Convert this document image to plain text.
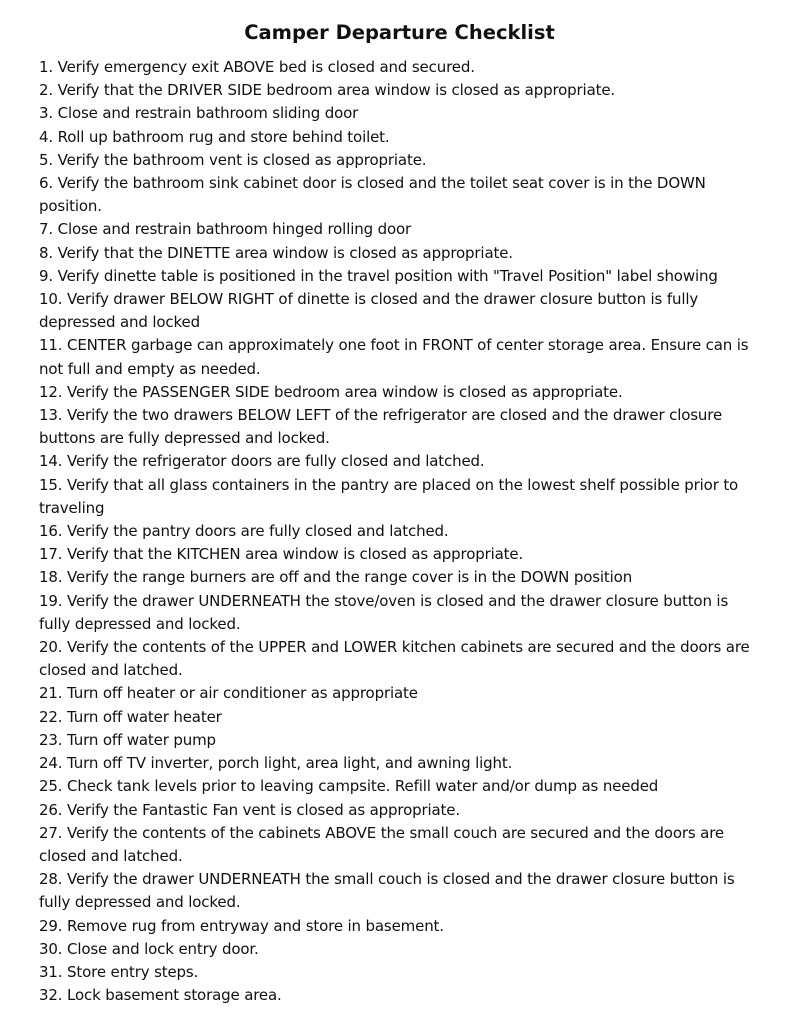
Camper Departure Checklist
1. Verify emergency exit ABOVE bed is closed and secured.
2. Verify that the DRIVER SIDE bedroom area window is closed as appropriate.
3. Close and restrain bathroom sliding door
4. Roll up bathroom rug and store behind toilet.
5. Verify the bathroom vent is closed as appropriate.
6. Verify the bathroom sink cabinet door is closed and the toilet seat cover is in the DOWN position.
7. Close and restrain bathroom hinged rolling door
8. Verify that the DINETTE area window is closed as appropriate.
9. Verify dinette table is positioned in the travel position with "Travel Position" label showing
10. Verify drawer BELOW RIGHT of dinette is closed and the drawer closure button is fully depressed and locked
11. CENTER garbage can approximately one foot in FRONT of center storage area. Ensure can is not full and empty as needed.
12. Verify the PASSENGER SIDE bedroom area window is closed as appropriate.
13. Verify the two drawers BELOW LEFT of the refrigerator are closed and the drawer closure buttons are fully depressed and locked.
14. Verify the refrigerator doors are fully closed and latched.
15. Verify that all glass containers in the pantry are placed on the lowest shelf possible prior to traveling
16. Verify the pantry doors are fully closed and latched.
17. Verify that the KITCHEN area window is closed as appropriate.
18. Verify the range burners are off and the range cover is in the DOWN position
19. Verify the drawer UNDERNEATH the stove/oven is closed and the drawer closure button is fully depressed and locked.
20. Verify the contents of the UPPER and LOWER kitchen cabinets are secured and the doors are closed and latched.
21. Turn off heater or air conditioner as appropriate
22. Turn off water heater
23. Turn off water pump
24. Turn off TV inverter, porch light, area light, and awning light.
25. Check tank levels prior to leaving campsite. Refill water and/or dump as needed
26. Verify the Fantastic Fan vent is closed as appropriate.
27. Verify the contents of the cabinets ABOVE the small couch are secured and the doors are closed and latched.
28. Verify the drawer UNDERNEATH the small couch is closed and the drawer closure button is fully depressed and locked.
29. Remove rug from entryway and store in basement.
30. Close and lock entry door.
31. Store entry steps.
32. Lock basement storage area.
